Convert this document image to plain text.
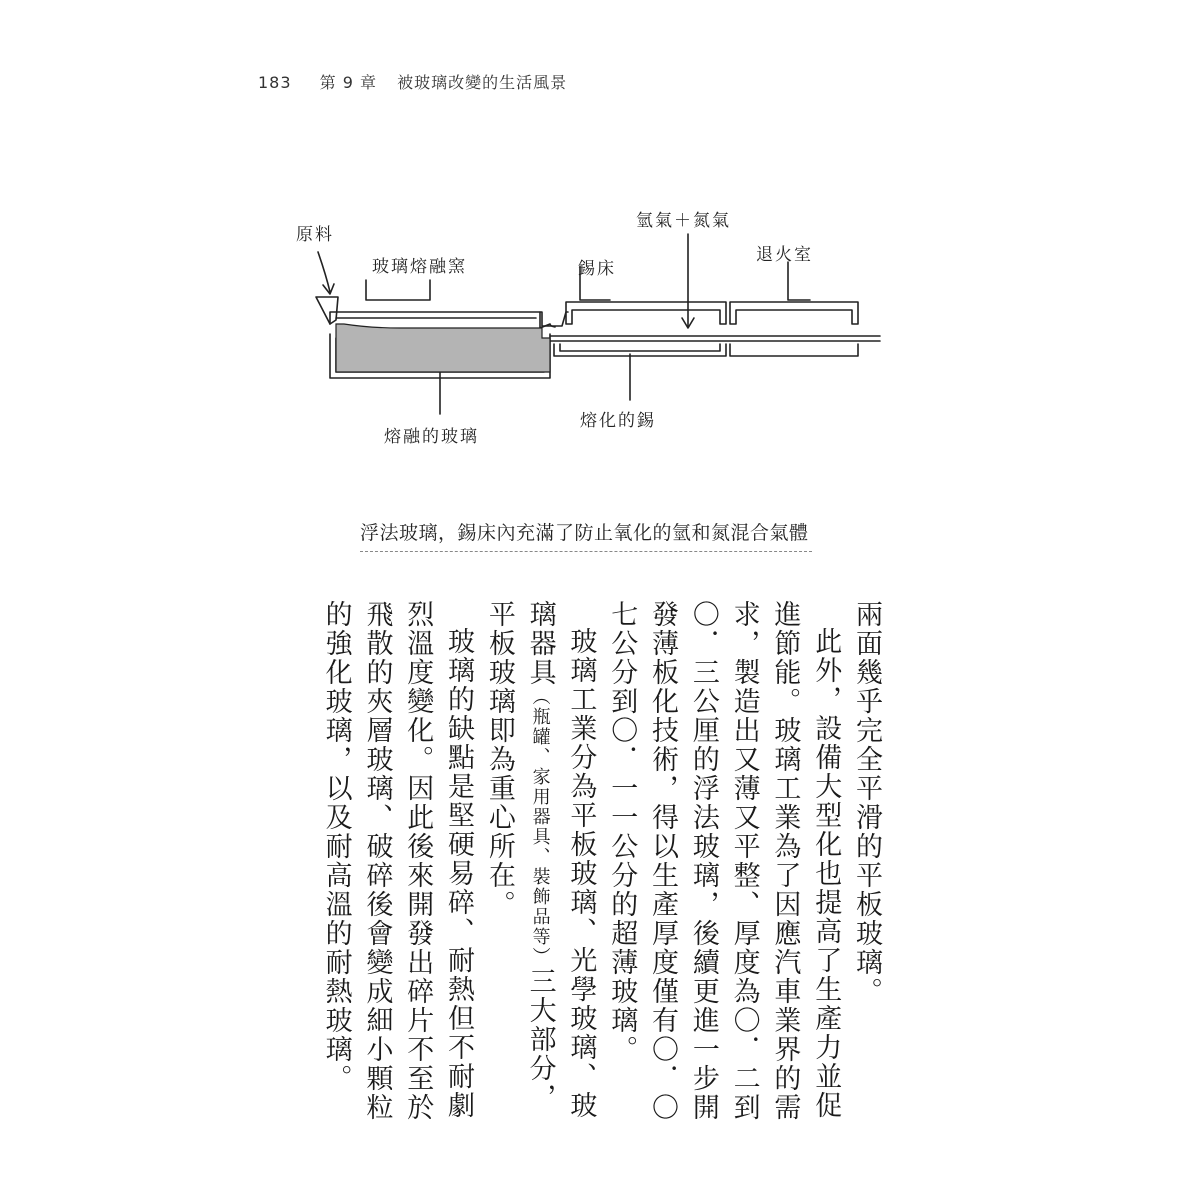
183 第 9 章 被玻璃改變的生活風景
原料
玻璃熔融窯	錫床
氫氣＋氮氣
退火室
熔融的玻璃
熔化的錫
浮法玻璃，錫床內充滿了防止氧化的氫和氮混合氣體

兩面幾乎完全平滑的平板玻璃。

此外，設備大型化也提高了生產力並促進節能。玻璃工業為了因應汽車業界的需求，製造出又薄又平整、厚度為〇．二到〇．三公厘的浮法玻璃，後續更進一步開發薄板化技術，得以生產厚度僅有〇．〇七公分到〇．一一公分的超薄玻璃。

玻璃工業分為平板玻璃、光學玻璃、玻璃器具（瓶罐、家用器具、裝飾品等）三大部分，平板玻璃即為重心所在。

玻璃的缺點是堅硬易碎、耐熱但不耐劇烈溫度變化。因此後來開發出碎片不至於飛散的夾層玻璃、破碎後會變成細小顆粒的強化玻璃，以及耐高溫的耐熱玻璃。
